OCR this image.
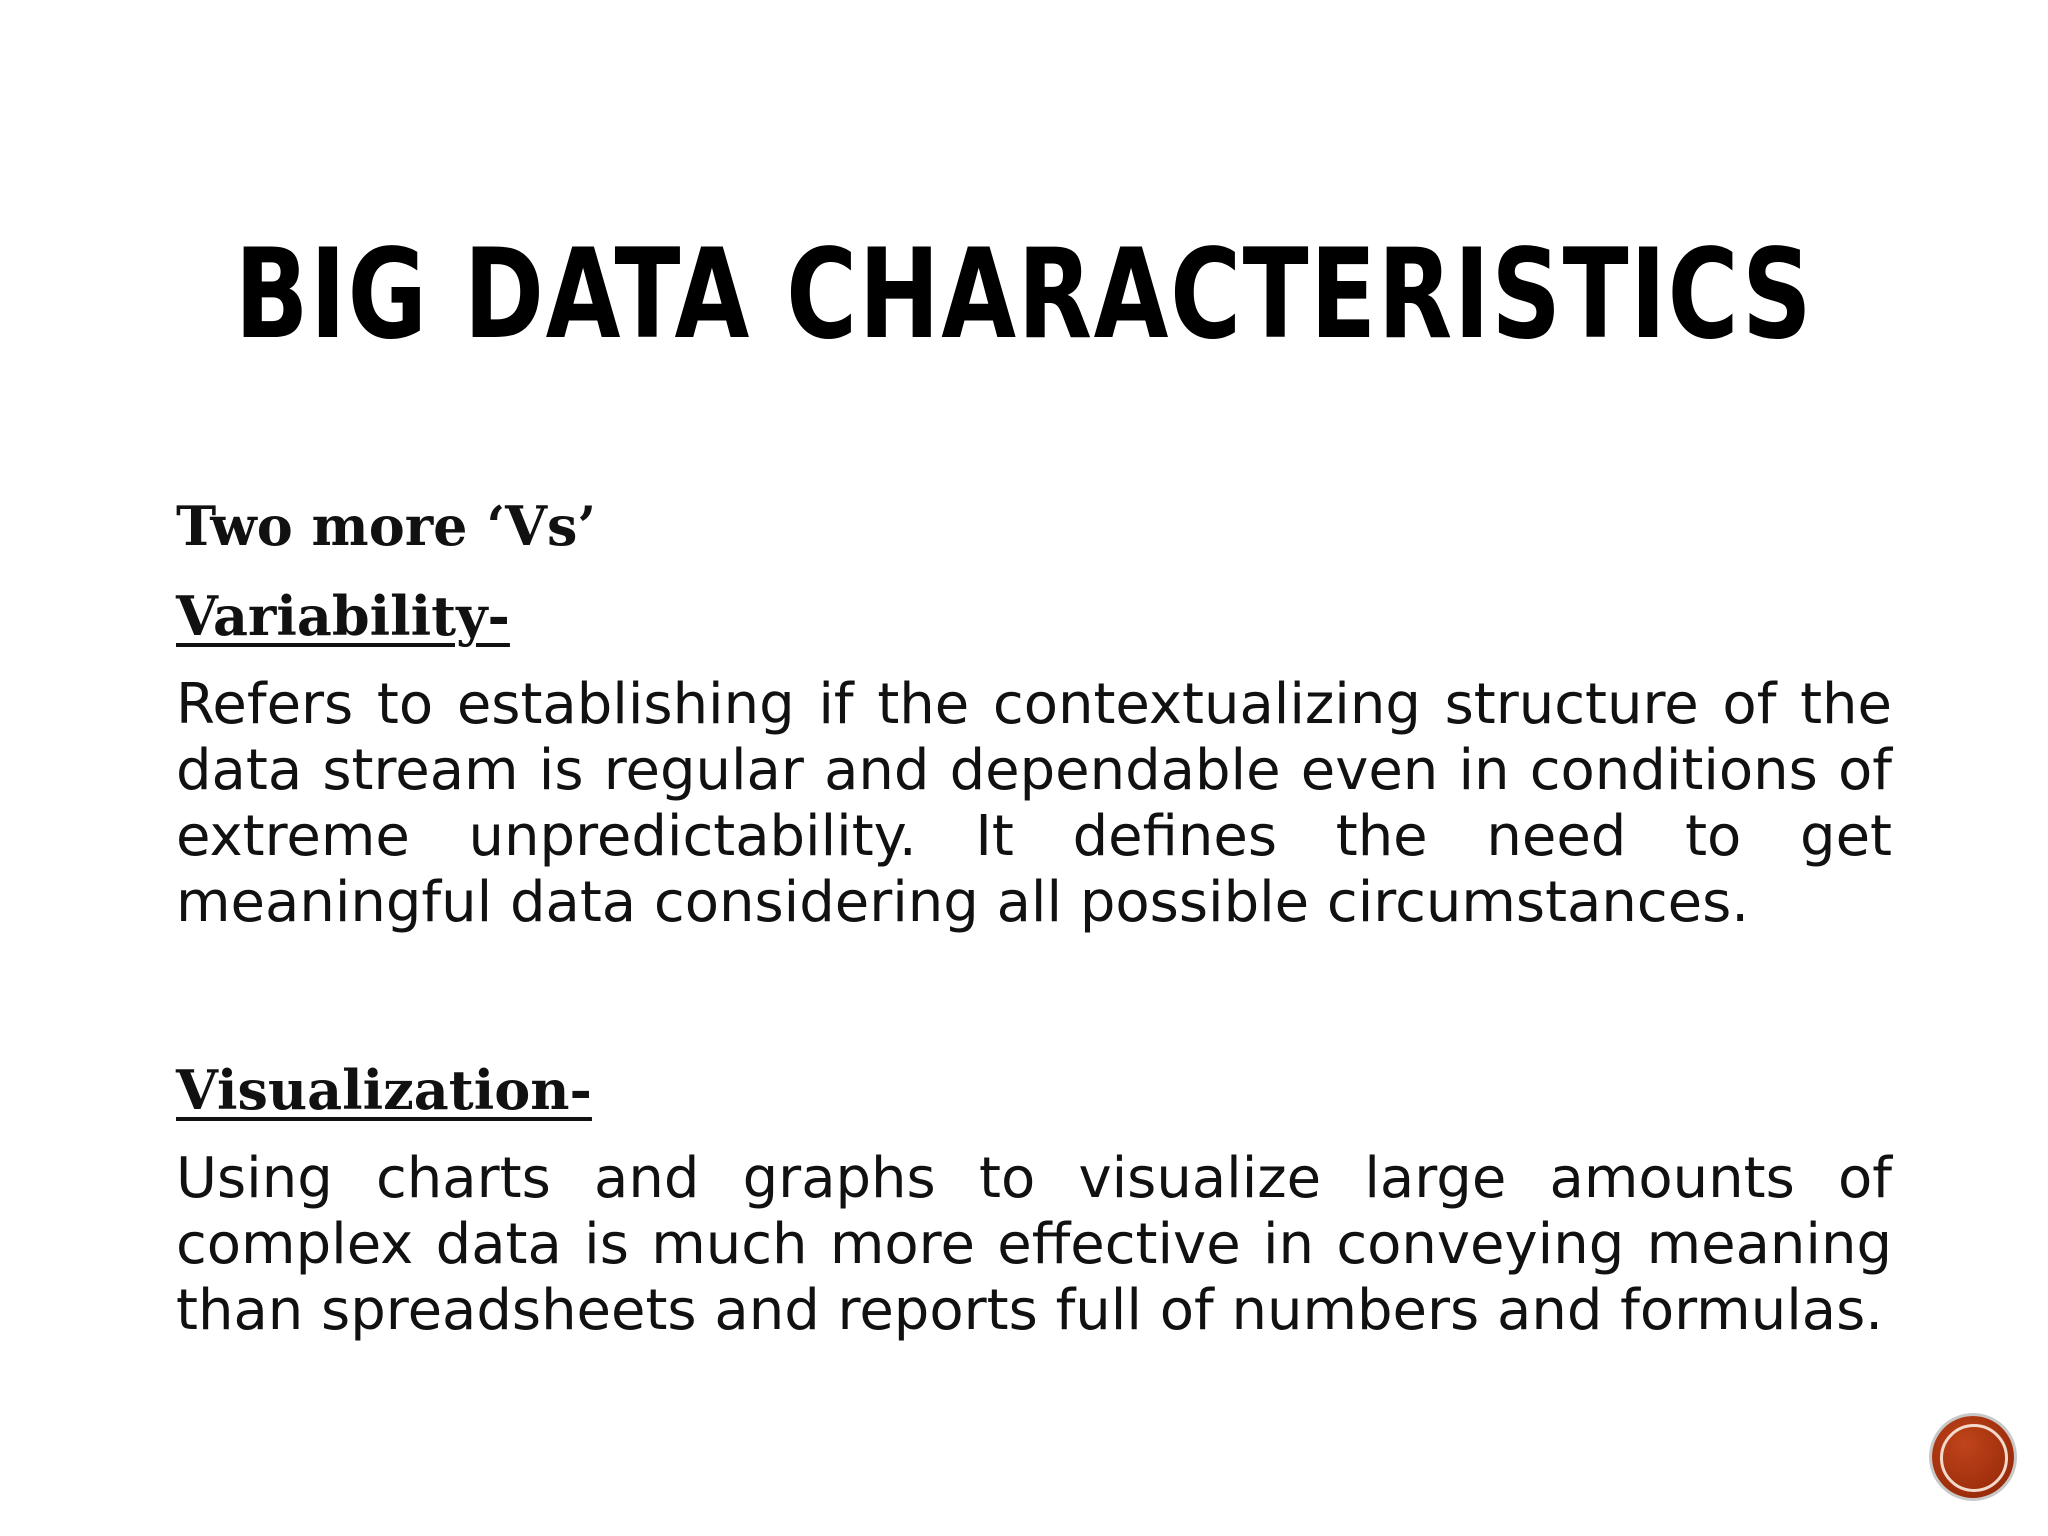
BIG DATA CHARACTERISTICS

Two more ‘Vs’

Variability-

Refers to establishing if the contextualizing structure of the data stream is regular and dependable even in conditions of extreme unpredictability. It defines the need to get meaningful data considering all possible circumstances.

Visualization-

Using charts and graphs to visualize large amounts of complex data is much more effective in conveying meaning than spreadsheets and reports full of numbers and formulas.
